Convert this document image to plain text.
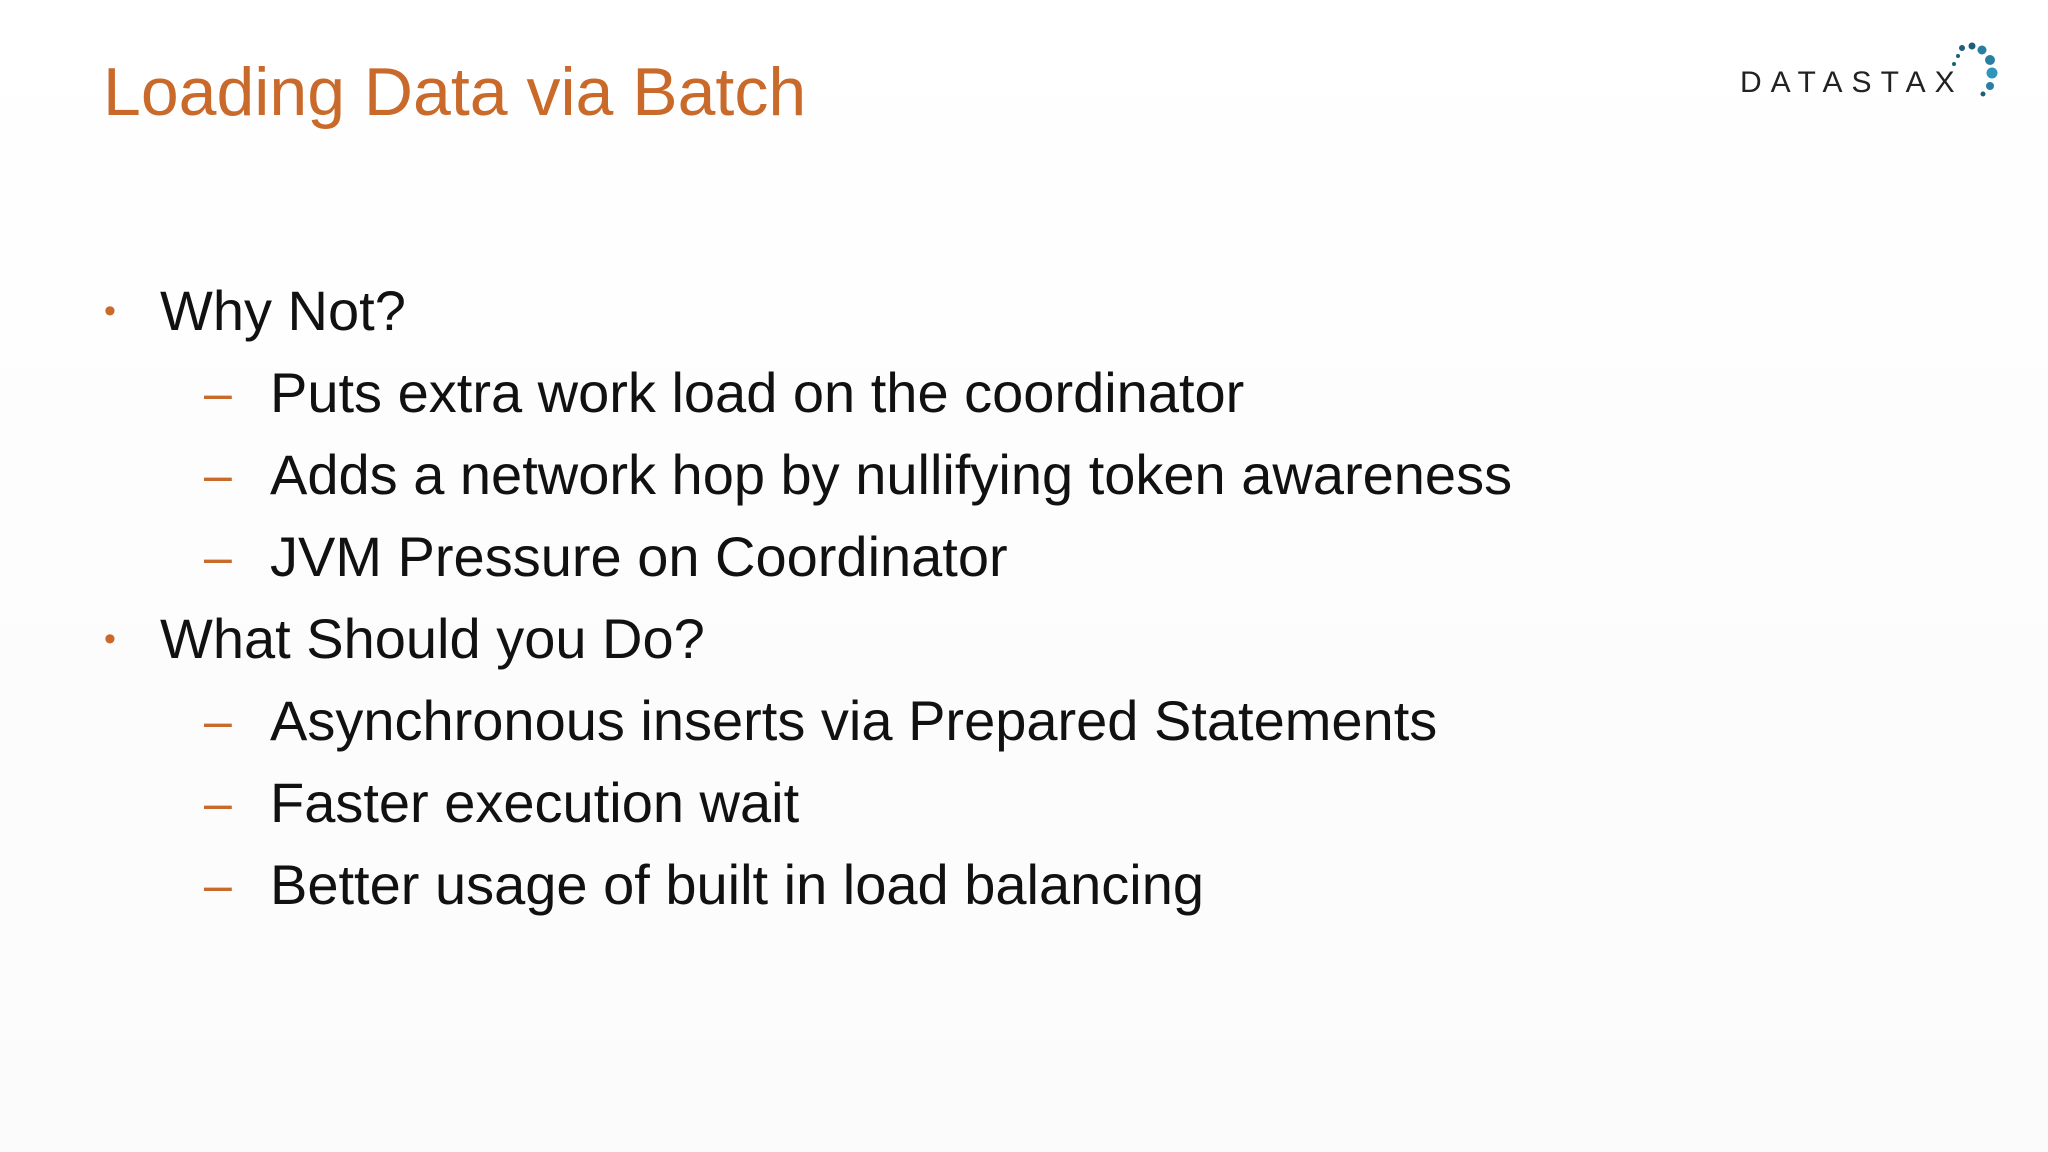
Loading Data via Batch	DATASTAX
• Why Not?
– Puts extra work load on the coordinator
– Adds a network hop by nullifying token awareness
– JVM Pressure on Coordinator
• What Should you Do?
– Asynchronous inserts via Prepared Statements
– Faster execution wait
– Better usage of built in load balancing
